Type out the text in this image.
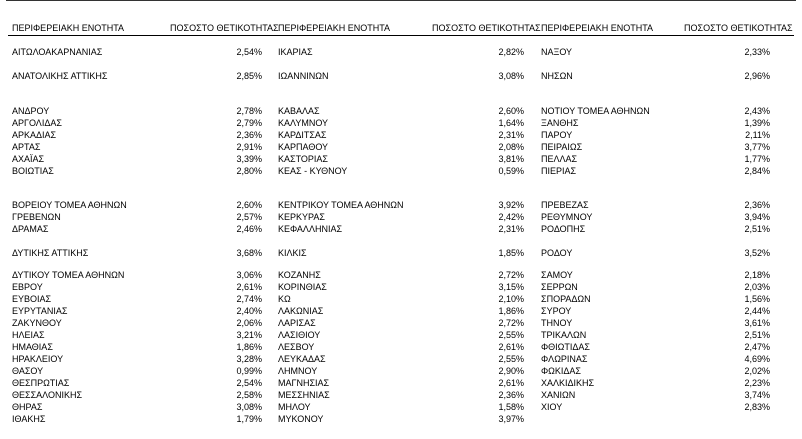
ΠΕΡΙΦΕΡΕΙΑΚΗ ΕΝΟΤΗΤΑ	ΠΟΣΟΣΤΟ ΘΕΤΙΚΟΤΗΤΑΣ ΠΕΡΙΦΕΡΕΙΑΚΗ ΕΝΟΤΗΤΑ	ΠΟΣΟΣΤΟ ΘΕΤΙΚΟΤΗΤΑΣ ΠΕΡΙΦΕΡΕΙΑΚΗ ΕΝΟΤΗΤΑ	ΠΟΣΟΣΤΟ ΘΕΤΙΚΟΤΗΤΑΣ
ΑΙΤΩΛΟΑΚΑΡΝΑΝΙΑΣ	2,54% ΙΚΑΡΙΑΣ	2,82% ΝΑΞΟΥ	2,33%
ΑΝΑΤΟΛΙΚΗΣ ΑΤΤΙΚΗΣ	2,85% ΙΩΑΝΝΙΝΩΝ	3,08% ΝΗΣΩΝ	2,96%
ΑΝΔΡΟΥ	2,78% ΚΑΒΑΛΑΣ	2,60% ΝΟΤΙΟΥ ΤΟΜΕΑ ΑΘΗΝΩΝ	2,43%
ΑΡΓΟΛΙΔΑΣ	2,79% ΚΑΛΥΜΝΟΥ	1,64% ΞΑΝΘΗΣ	1,39%
ΑΡΚΑΔΙΑΣ	2,36% ΚΑΡΔΙΤΣΑΣ	2,31% ΠΑΡΟΥ	2,11%
ΑΡΤΑΣ	2,91% ΚΑΡΠΑΘΟΥ	2,08% ΠΕΙΡΑΙΩΣ	3,77%
ΑΧΑΪΑΣ	3,39% ΚΑΣΤΟΡΙΑΣ	3,81% ΠΕΛΛΑΣ	1,77%
ΒΟΙΩΤΙΑΣ	2,80% ΚΕΑΣ - ΚΥΘΝΟΥ	0,59% ΠΙΕΡΙΑΣ	2,84%
ΒΟΡΕΙΟΥ ΤΟΜΕΑ ΑΘΗΝΩΝ	2,60% ΚΕΝΤΡΙΚΟΥ ΤΟΜΕΑ ΑΘΗΝΩΝ	3,92% ΠΡΕΒΕΖΑΣ	2,36%
ΓΡΕΒΕΝΩΝ	2,57% ΚΕΡΚΥΡΑΣ	2,42% ΡΕΘΥΜΝΟΥ	3,94%
ΔΡΑΜΑΣ	2,46% ΚΕΦΑΛΛΗΝΙΑΣ	2,31% ΡΟΔΟΠΗΣ	2,51%
ΔΥΤΙΚΗΣ ΑΤΤΙΚΗΣ	3,68% ΚΙΛΚΙΣ	1,85% ΡΟΔΟΥ	3,52%
ΔΥΤΙΚΟΥ ΤΟΜΕΑ ΑΘΗΝΩΝ	3,06% ΚΟΖΑΝΗΣ	2,72% ΣΑΜΟΥ	2,18%
ΕΒΡΟΥ	2,61% ΚΟΡΙΝΘΙΑΣ	3,15% ΣΕΡΡΩΝ	2,03%
ΕΥΒΟΙΑΣ	2,74% ΚΩ	2,10% ΣΠΟΡΑΔΩΝ	1,56%
ΕΥΡΥΤΑΝΙΑΣ	2,40% ΛΑΚΩΝΙΑΣ	1,86% ΣΥΡΟΥ	2,44%
ΖΑΚΥΝΘΟΥ	2,06% ΛΑΡΙΣΑΣ	2,72% ΤΗΝΟΥ	3,61%
ΗΛΕΙΑΣ	3,21% ΛΑΣΙΘΙΟΥ	2,55% ΤΡΙΚΑΛΩΝ	2,51%
ΗΜΑΘΙΑΣ	1,86% ΛΕΣΒΟΥ	2,61% ΦΘΙΩΤΙΔΑΣ	2,47%
ΗΡΑΚΛΕΙΟΥ	3,28% ΛΕΥΚΑΔΑΣ	2,55% ΦΛΩΡΙΝΑΣ	4,69%
ΘΑΣΟΥ	0,99% ΛΗΜΝΟΥ	2,90% ΦΩΚΙΔΑΣ	2,02%
ΘΕΣΠΡΩΤΙΑΣ	2,54% ΜΑΓΝΗΣΙΑΣ	2,61% ΧΑΛΚΙΔΙΚΗΣ	2,23%
ΘΕΣΣΑΛΟΝΙΚΗΣ	2,58% ΜΕΣΣΗΝΙΑΣ	2,36% ΧΑΝΙΩΝ	3,74%
ΘΗΡΑΣ	3,08% ΜΗΛΟΥ	1,58% ΧΙΟΥ	2,83%
ΙΘΑΚΗΣ	1,79% ΜΥΚΟΝΟΥ	3,97%
